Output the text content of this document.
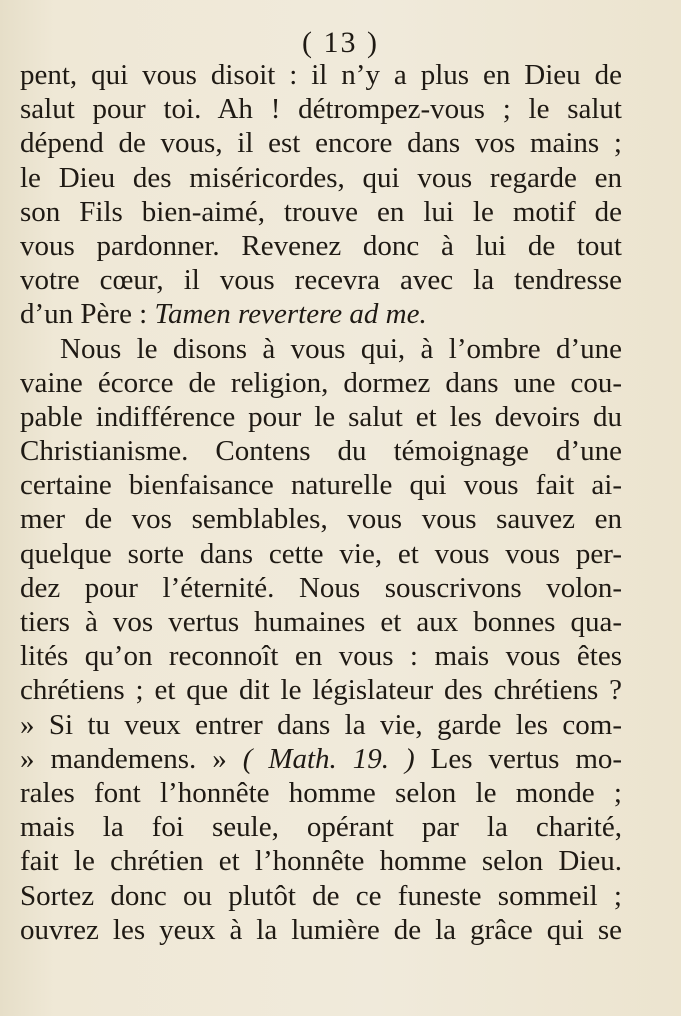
( 13 )
pent, qui vous disoit : il n’y a plus en Dieu de
salut pour toi. Ah ! détrompez-vous ; le salut
dépend de vous, il est encore dans vos mains ;
le Dieu des miséricordes, qui vous regarde en
son Fils bien-aimé, trouve en lui le motif de
vous pardonner. Revenez donc à lui de tout
votre cœur, il vous recevra avec la tendresse
d’un Père : Tamen revertere ad me.
Nous le disons à vous qui, à l’ombre d’une
vaine écorce de religion, dormez dans une cou-
pable indifférence pour le salut et les devoirs du
Christianisme. Contens du témoignage d’une
certaine bienfaisance naturelle qui vous fait ai-
mer de vos semblables, vous vous sauvez en
quelque sorte dans cette vie, et vous vous per-
dez pour l’éternité. Nous souscrivons volon-
tiers à vos vertus humaines et aux bonnes qua-
lités qu’on reconnoît en vous : mais vous êtes
chrétiens ; et que dit le législateur des chrétiens ?
» Si tu veux entrer dans la vie, garde les com-
» mandemens. » ( Math. 19. ) Les vertus mo-
rales font l’honnête homme selon le monde ;
mais la foi seule, opérant par la charité,
fait le chrétien et l’honnête homme selon Dieu.
Sortez donc ou plutôt de ce funeste sommeil ;
ouvrez les yeux à la lumière de la grâce qui se
